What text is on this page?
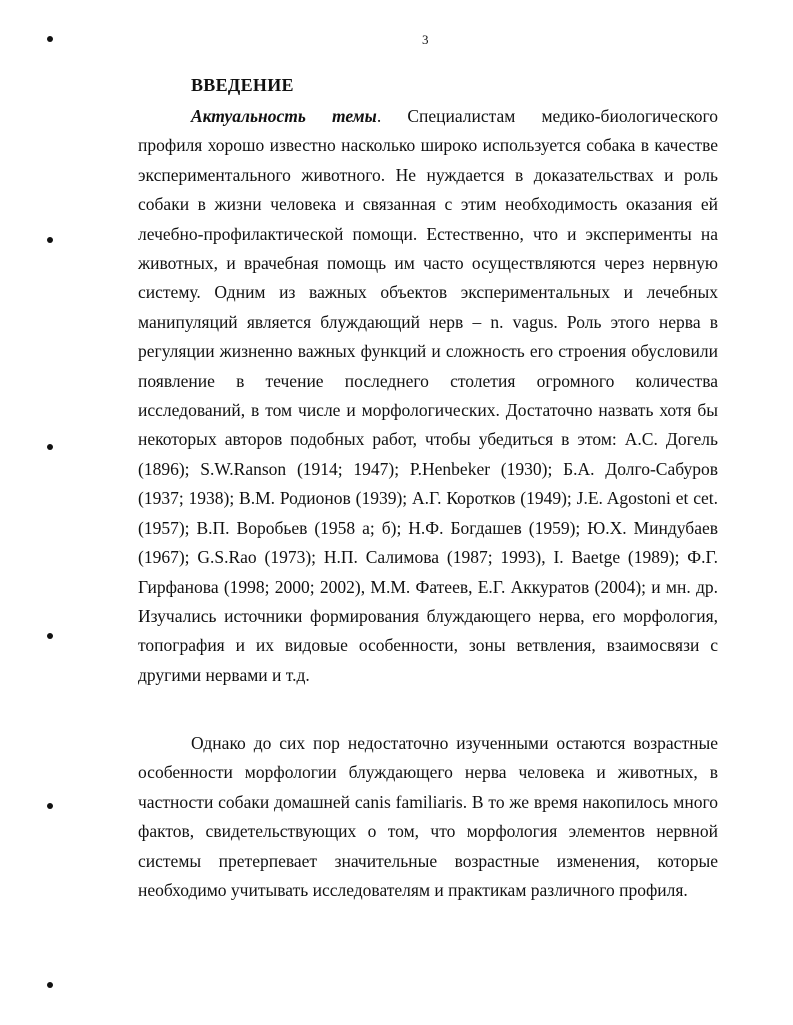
3
ВВЕДЕНИЕ

Актуальность темы. Специалистам медико-биологического профиля хорошо известно насколько широко используется собака в качестве экспериментального животного. Не нуждается в доказательствах и роль собаки в жизни человека и связанная с этим необходимость оказания ей лечебно-профилактической помощи. Естественно, что и эксперименты на животных, и врачебная помощь им часто осуществляются через нервную систему. Одним из важных объектов экспериментальных и лечебных манипуляций является блуждающий нерв – n. vagus. Роль этого нерва в регуляции жизненно важных функций и сложность его строения обусловили появление в течение последнего столетия огромного количества исследований, в том числе и морфологических. Достаточно назвать хотя бы некоторых авторов подобных работ, чтобы убедиться в этом: А.С. Догель (1896); S.W.Ranson (1914; 1947); P.Henbeker (1930); Б.А. Долго-Сабуров (1937; 1938); В.М. Родионов (1939); А.Г. Коротков (1949); J.E. Agostoni et cet. (1957); В.П. Воробьев (1958 а; б); Н.Ф. Богдашев (1959); Ю.Х. Миндубаев (1967); G.S.Rao (1973); Н.П. Салимова (1987; 1993), I. Baetge (1989); Ф.Г. Гирфанова (1998; 2000; 2002), М.М. Фатеев, Е.Г. Аккуратов (2004); и мн. др. Изучались источники формирования блуждающего нерва, его морфология, топография и их видовые особенности, зоны ветвления, взаимосвязи с другими нервами и т.д.

Однако до сих пор недостаточно изученными остаются возрастные особенности морфологии блуждающего нерва человека и животных, в частности собаки домашней canis familiaris. В то же время накопилось много фактов, свидетельствующих о том, что морфология элементов нервной системы претерпевает значительные возрастные изменения, которые необходимо учитывать исследователям и практикам различного профиля.
